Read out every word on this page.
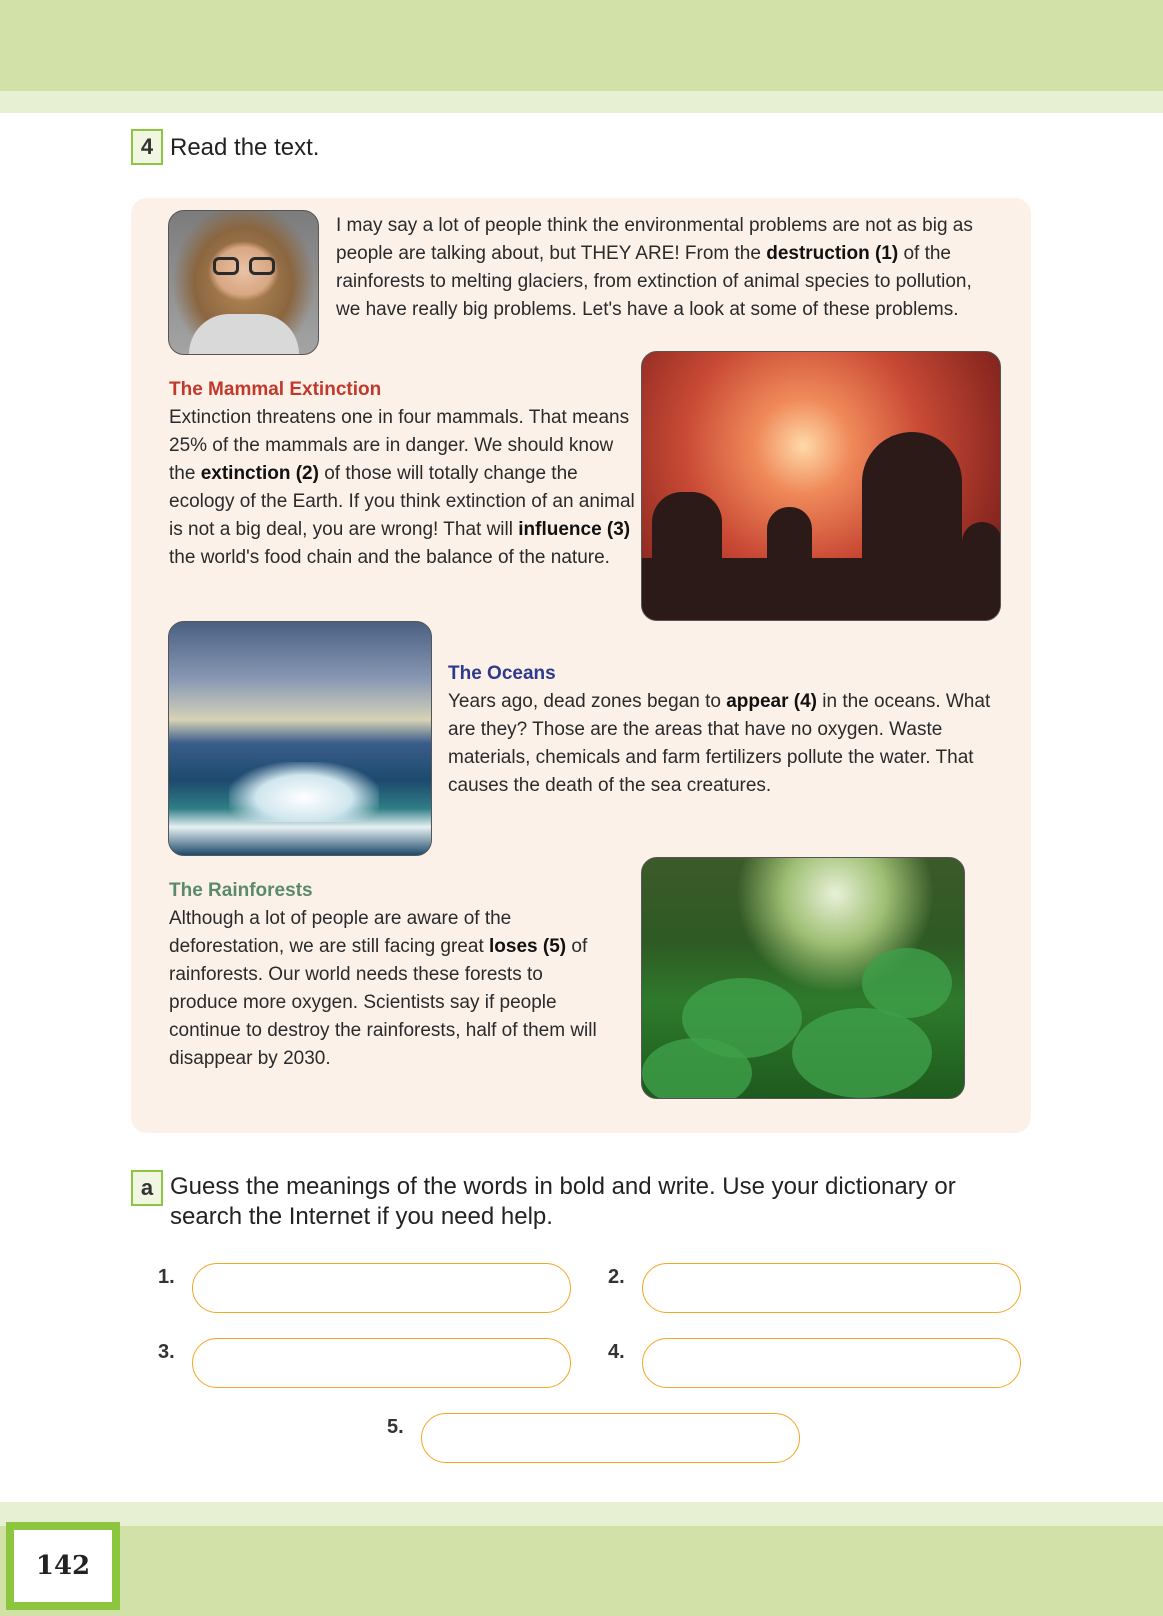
4 Read the text.
I may say a lot of people think the environmental problems are not as big as people are talking about, but THEY ARE! From the destruction (1) of the rainforests to melting glaciers, from extinction of animal species to pollution, we have really big problems. Let's have a look at some of these problems.
The Mammal Extinction
Extinction threatens one in four mammals. That means 25% of the mammals are in danger. We should know the extinction (2) of those will totally change the ecology of the Earth. If you think extinction of an animal is not a big deal, you are wrong! That will influence (3) the world's food chain and the balance of the nature.
The Oceans
Years ago, dead zones began to appear (4) in the oceans. What are they? Those are the areas that have no oxygen. Waste materials, chemicals and farm fertilizers pollute the water. That causes the death of the sea creatures.
The Rainforests
Although a lot of people are aware of the deforestation, we are still facing great loses (5) of rainforests. Our world needs these forests to produce more oxygen. Scientists say if people continue to destroy the rainforests, half of them will disappear by 2030.
a Guess the meanings of the words in bold and write. Use your dictionary or search the Internet if you need help.
1.	2.
3.	4.
5.
142
